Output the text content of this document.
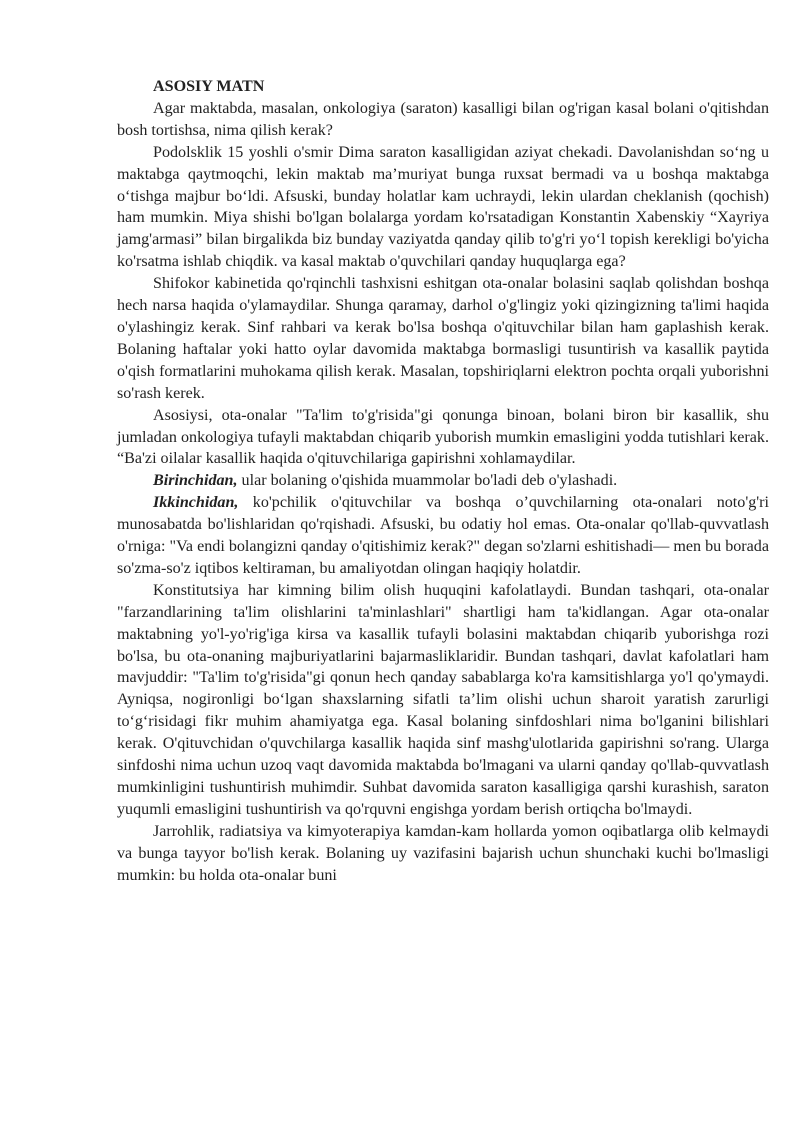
ASOSIY MATN

Agar maktabda, masalan, onkologiya (saraton) kasalligi bilan og'rigan kasal bolani o'qitishdan bosh tortishsa, nima qilish kerak?

Podolsklik 15 yoshli o'smir Dima saraton kasalligidan aziyat chekadi. Davolanishdan so‘ng u maktabga qaytmoqchi, lekin maktab ma’muriyat bunga ruxsat bermadi va u boshqa maktabga o‘tishga majbur bo‘ldi. Afsuski, bunday holatlar kam uchraydi, lekin ulardan cheklanish (qochish) ham mumkin. Miya shishi bo'lgan bolalarga yordam ko'rsatadigan Konstantin Xabenskiy “Xayriya jamg'armasi” bilan birgalikda biz bunday vaziyatda qanday qilib to'g'ri yo‘l topish kerekligi bo'yicha ko'rsatma ishlab chiqdik. va kasal maktab o'quvchilari qanday huquqlarga ega?

Shifokor kabinetida qo'rqinchli tashxisni eshitgan ota-onalar bolasini saqlab qolishdan boshqa hech narsa haqida o'ylamaydilar. Shunga qaramay, darhol o'g'lingiz yoki qizingizning ta'limi haqida o'ylashingiz kerak. Sinf rahbari va kerak bo'lsa boshqa o'qituvchilar bilan ham gaplashish kerak. Bolaning haftalar yoki hatto oylar davomida maktabga bormasligi tusuntirish va kasallik paytida o'qish formatlarini muhokama qilish kerak. Masalan, topshiriqlarni elektron pochta orqali yuborishni so'rash kerek.

Asosiysi, ota-onalar "Ta'lim to'g'risida"gi qonunga binoan, bolani biron bir kasallik, shu jumladan onkologiya tufayli maktabdan chiqarib yuborish mumkin emasligini yodda tutishlari kerak. “Ba'zi oilalar kasallik haqida o'qituvchilariga gapirishni xohlamaydilar.

Birinchidan, ular bolaning o'qishida muammolar bo'ladi deb o'ylashadi.

Ikkinchidan, ko'pchilik o'qituvchilar va boshqa o’quvchilarning ota-onalari noto'g'ri munosabatda bo'lishlaridan qo'rqishadi. Afsuski, bu odatiy hol emas. Ota-onalar qo'llab-quvvatlash o'rniga: "Va endi bolangizni qanday o'qitishimiz kerak?" degan so'zlarni eshitishadi— men bu borada so'zma-so'z iqtibos keltiraman, bu amaliyotdan olingan haqiqiy holatdir.

Konstitutsiya har kimning bilim olish huquqini kafolatlaydi. Bundan tashqari, ota-onalar "farzandlarining ta'lim olishlarini ta'minlashlari" shartligi ham ta'kidlangan. Agar ota-onalar maktabning yo'l-yo'rig'iga kirsa va kasallik tufayli bolasini maktabdan chiqarib yuborishga rozi bo'lsa, bu ota-onaning majburiyatlarini bajarmasliklaridir. Bundan tashqari, davlat kafolatlari ham mavjuddir: "Ta'lim to'g'risida"gi qonun hech qanday sabablarga ko'ra kamsitishlarga yo'l qo'ymaydi. Ayniqsa, nogironligi bo‘lgan shaxslarning sifatli ta’lim olishi uchun sharoit yaratish zarurligi to‘g‘risidagi fikr muhim ahamiyatga ega. Kasal bolaning sinfdoshlari nima bo'lganini bilishlari kerak. O'qituvchidan o'quvchilarga kasallik haqida sinf mashg'ulotlarida gapirishni so'rang. Ularga sinfdoshi nima uchun uzoq vaqt davomida maktabda bo'lmagani va ularni qanday qo'llab-quvvatlash mumkinligini tushuntirish muhimdir. Suhbat davomida saraton kasalligiga qarshi kurashish, saraton yuqumli emasligini tushuntirish va qo'rquvni engishga yordam berish ortiqcha bo'lmaydi.

Jarrohlik, radiatsiya va kimyoterapiya kamdan-kam hollarda yomon oqibatlarga olib kelmaydi va bunga tayyor bo'lish kerak. Bolaning uy vazifasini bajarish uchun shunchaki kuchi bo'lmasligi mumkin: bu holda ota-onalar buni
